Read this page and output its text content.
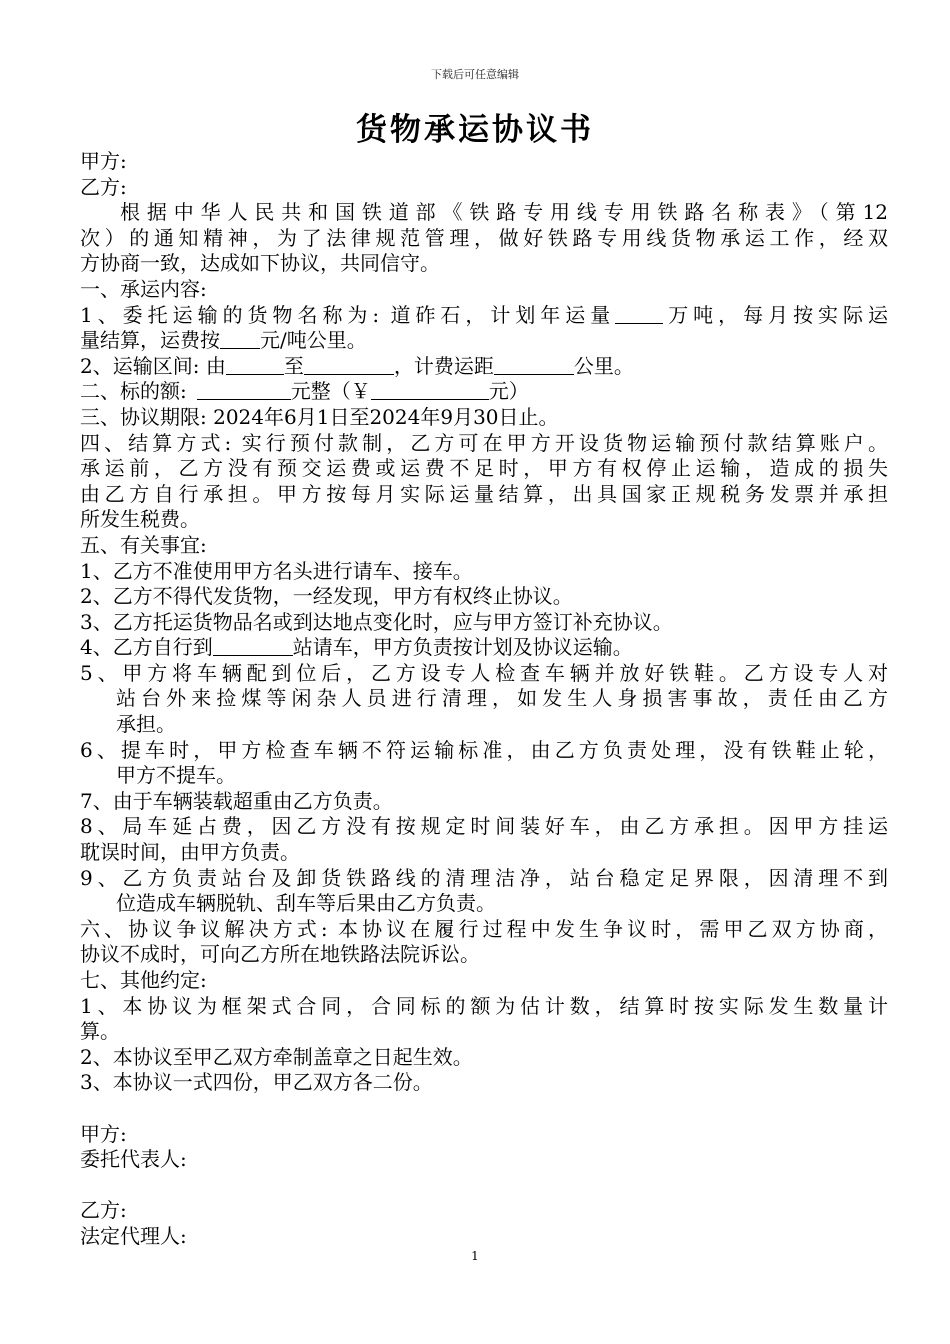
下载后可任意编辑
货物承运协议书
甲方:
乙方:
根据中华人民共和国铁道部《铁路专用线专用铁路名称表》（第12
次）的通知精神，为了法律规范管理，做好铁路专用线货物承运工作，经双
方协商一致，达成如下协议，共同信守。
一、承运内容:
1、委托运输的货物名称为: 道砟石，计划年运量 万吨，每月按实际运
量结算，运费按 元/吨公里。
2、运输区间: 由	至	，计费运距	公里。
二、标的额:	元整（￥	元）
三、协议期限: 2024年6月1日至2024年9月30日止。
四、结算方式: 实行预付款制，乙方可在甲方开设货物运输预付款结算账户。
承运前，乙方没有预交运费或运费不足时，甲方有权停止运输，造成的损失
由乙方自行承担。甲方按每月实际运量结算，出具国家正规税务发票并承担
所发生税费。
五、有关事宜:
1、乙方不准使用甲方名头进行请车、接车。
2、乙方不得代发货物，一经发现，甲方有权终止协议。
3、乙方托运货物品名或到达地点变化时，应与甲方签订补充协议。
4、乙方自行到	站请车，甲方负责按计划及协议运输。
5、甲方将车辆配到位后，乙方设专人检查车辆并放好铁鞋。乙方设专人对
站台外来捡煤等闲杂人员进行清理，如发生人身损害事故，责任由乙方
承担。
6、提车时，甲方检查车辆不符运输标准，由乙方负责处理，没有铁鞋止轮，
甲方不提车。
7、由于车辆装载超重由乙方负责。
8、局车延占费，因乙方没有按规定时间装好车，由乙方承担。因甲方挂运
耽误时间，由甲方负责。
9、乙方负责站台及卸货铁路线的清理洁净，站台稳定足界限，因清理不到
位造成车辆脱轨、刮车等后果由乙方负责。
六、协议争议解决方式: 本协议在履行过程中发生争议时，需甲乙双方协商，
协议不成时，可向乙方所在地铁路法院诉讼。
七、其他约定:
1、本协议为框架式合同，合同标的额为估计数，结算时按实际发生数量计
算。
2、本协议至甲乙双方牵制盖章之日起生效。
3、本协议一式四份，甲乙双方各二份。
甲方:
委托代表人:
乙方:
法定代理人:
1
